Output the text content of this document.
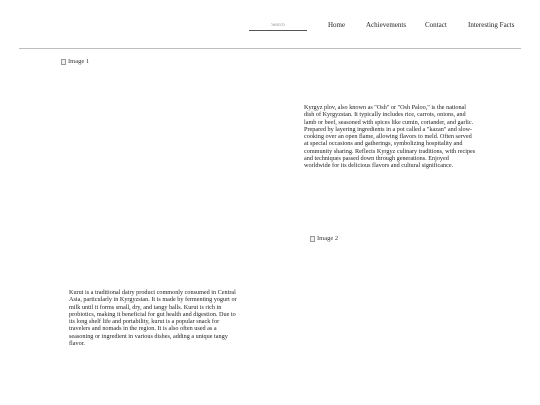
Search
Home	Achievements	Contact	Interesting Facts
Image 1

Kyrgyz plov, also known as "Osh" or "Osh Paloo," is the national dish of Kyrgyzstan. It typically includes rice, carrots, onions, and lamb or beef, seasoned with spices like cumin, coriander, and garlic. Prepared by layering ingredients in a pot called a "kazan" and slow-cooking over an open flame, allowing flavors to meld. Often served at special occasions and gatherings, symbolizing hospitality and community sharing. Reflects Kyrgyz culinary traditions, with recipes and techniques passed down through generations. Enjoyed worldwide for its delicious flavors and cultural significance.

Image 2

Kurut is a traditional dairy product commonly consumed in Central Asia, particularly in Kyrgyzstan. It is made by fermenting yogurt or milk until it forms small, dry, and tangy balls. Kurut is rich in probiotics, making it beneficial for gut health and digestion. Due to its long shelf life and portability, kurut is a popular snack for travelers and nomads in the region. It is also often used as a seasoning or ingredient in various dishes, adding a unique tangy flavor.
